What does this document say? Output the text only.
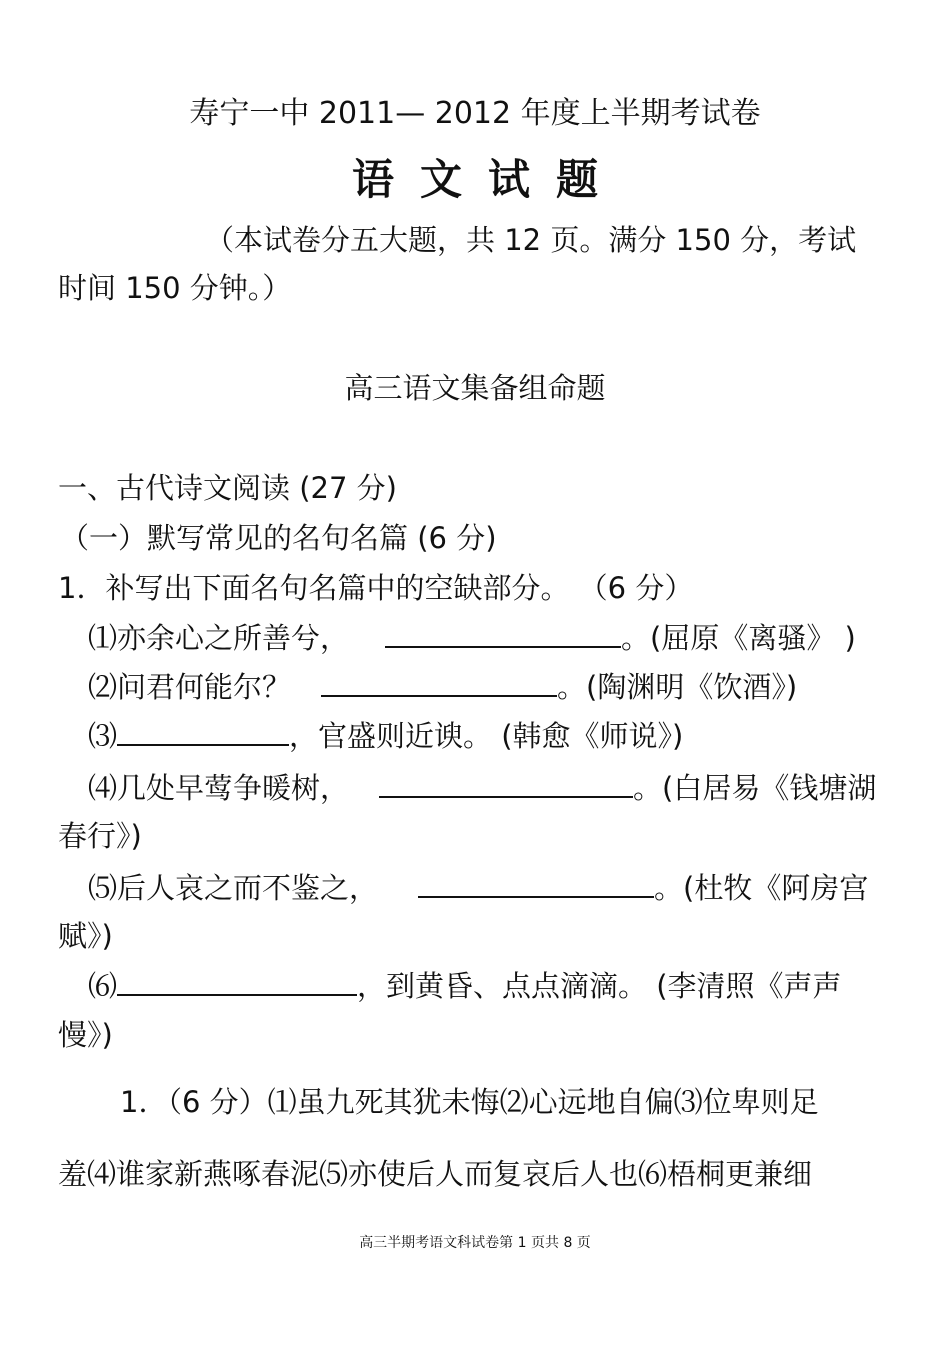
寿宁一中 2011— 2012 年度上半期考试卷
语文试题
（本试卷分五大题，共 12 页。满分 150 分，考试
时间 150 分钟。）
高三语文集备组命题
一、古代诗文阅读 (27 分)
（一）默写常见的名句名篇 (6 分)
1．补写出下面名句名篇中的空缺部分。 （6 分）
⑴亦余心之所善兮，	。(屈原《离骚》 )
⑵问君何能尔？	。(陶渊明《饮酒》)
⑶	，官盛则近谀。 (韩愈《师说》)
⑷几处早莺争暖树，	。(白居易《钱塘湖
春行》)
⑸后人哀之而不鉴之，	。(杜牧《阿房宫
赋》)
⑹	，到黄昏、点点滴滴。 (李清照《声声
慢》)
1．（6 分）⑴虽九死其犹未悔⑵心远地自偏⑶位卑则足
羞⑷谁家新燕啄春泥⑸亦使后人而复哀后人也⑹梧桐更兼细
高三半期考语文科试卷第 1 页共 8 页
